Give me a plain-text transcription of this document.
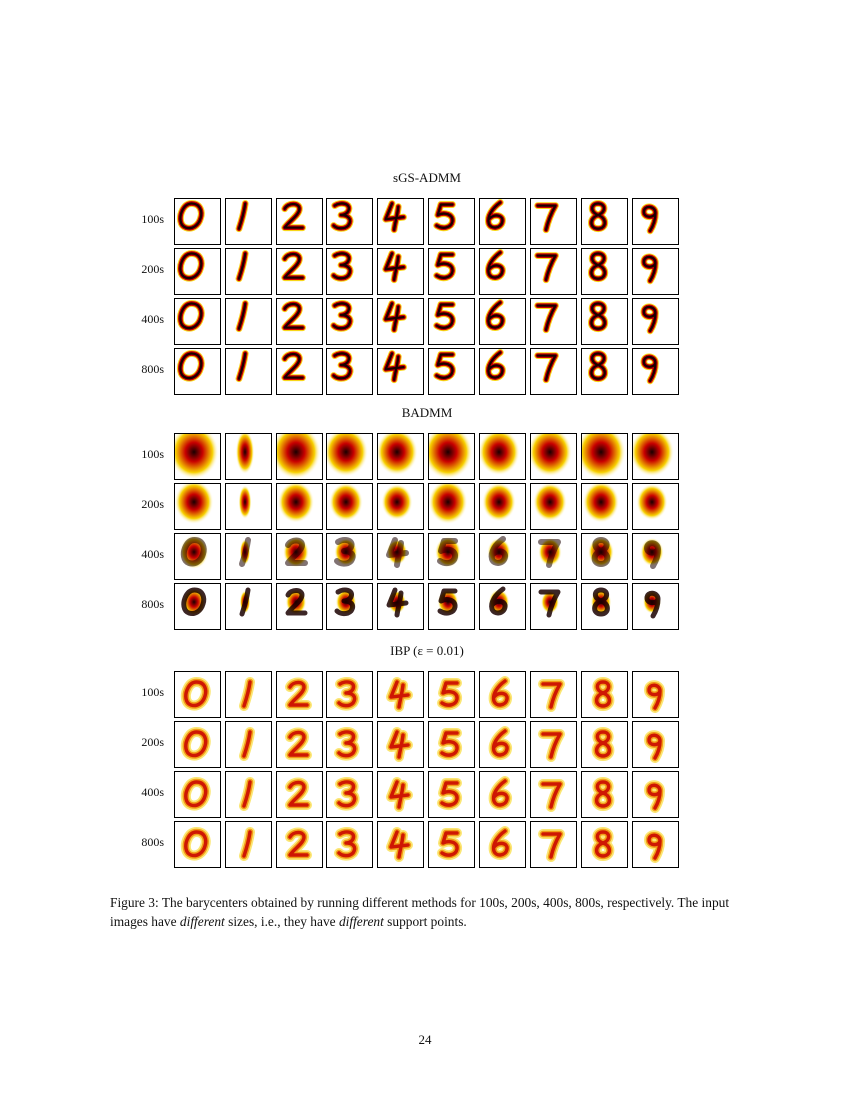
sGS-ADMM
100s
200s
400s
800s
BADMM
100s
200s
400s
800s
IBP (ε = 0.01)
100s
200s
400s
800s
Figure 3: The barycenters obtained by running different methods for 100s, 200s, 400s, 800s, respectively. The input images have different sizes, i.e., they have different support points.
24
